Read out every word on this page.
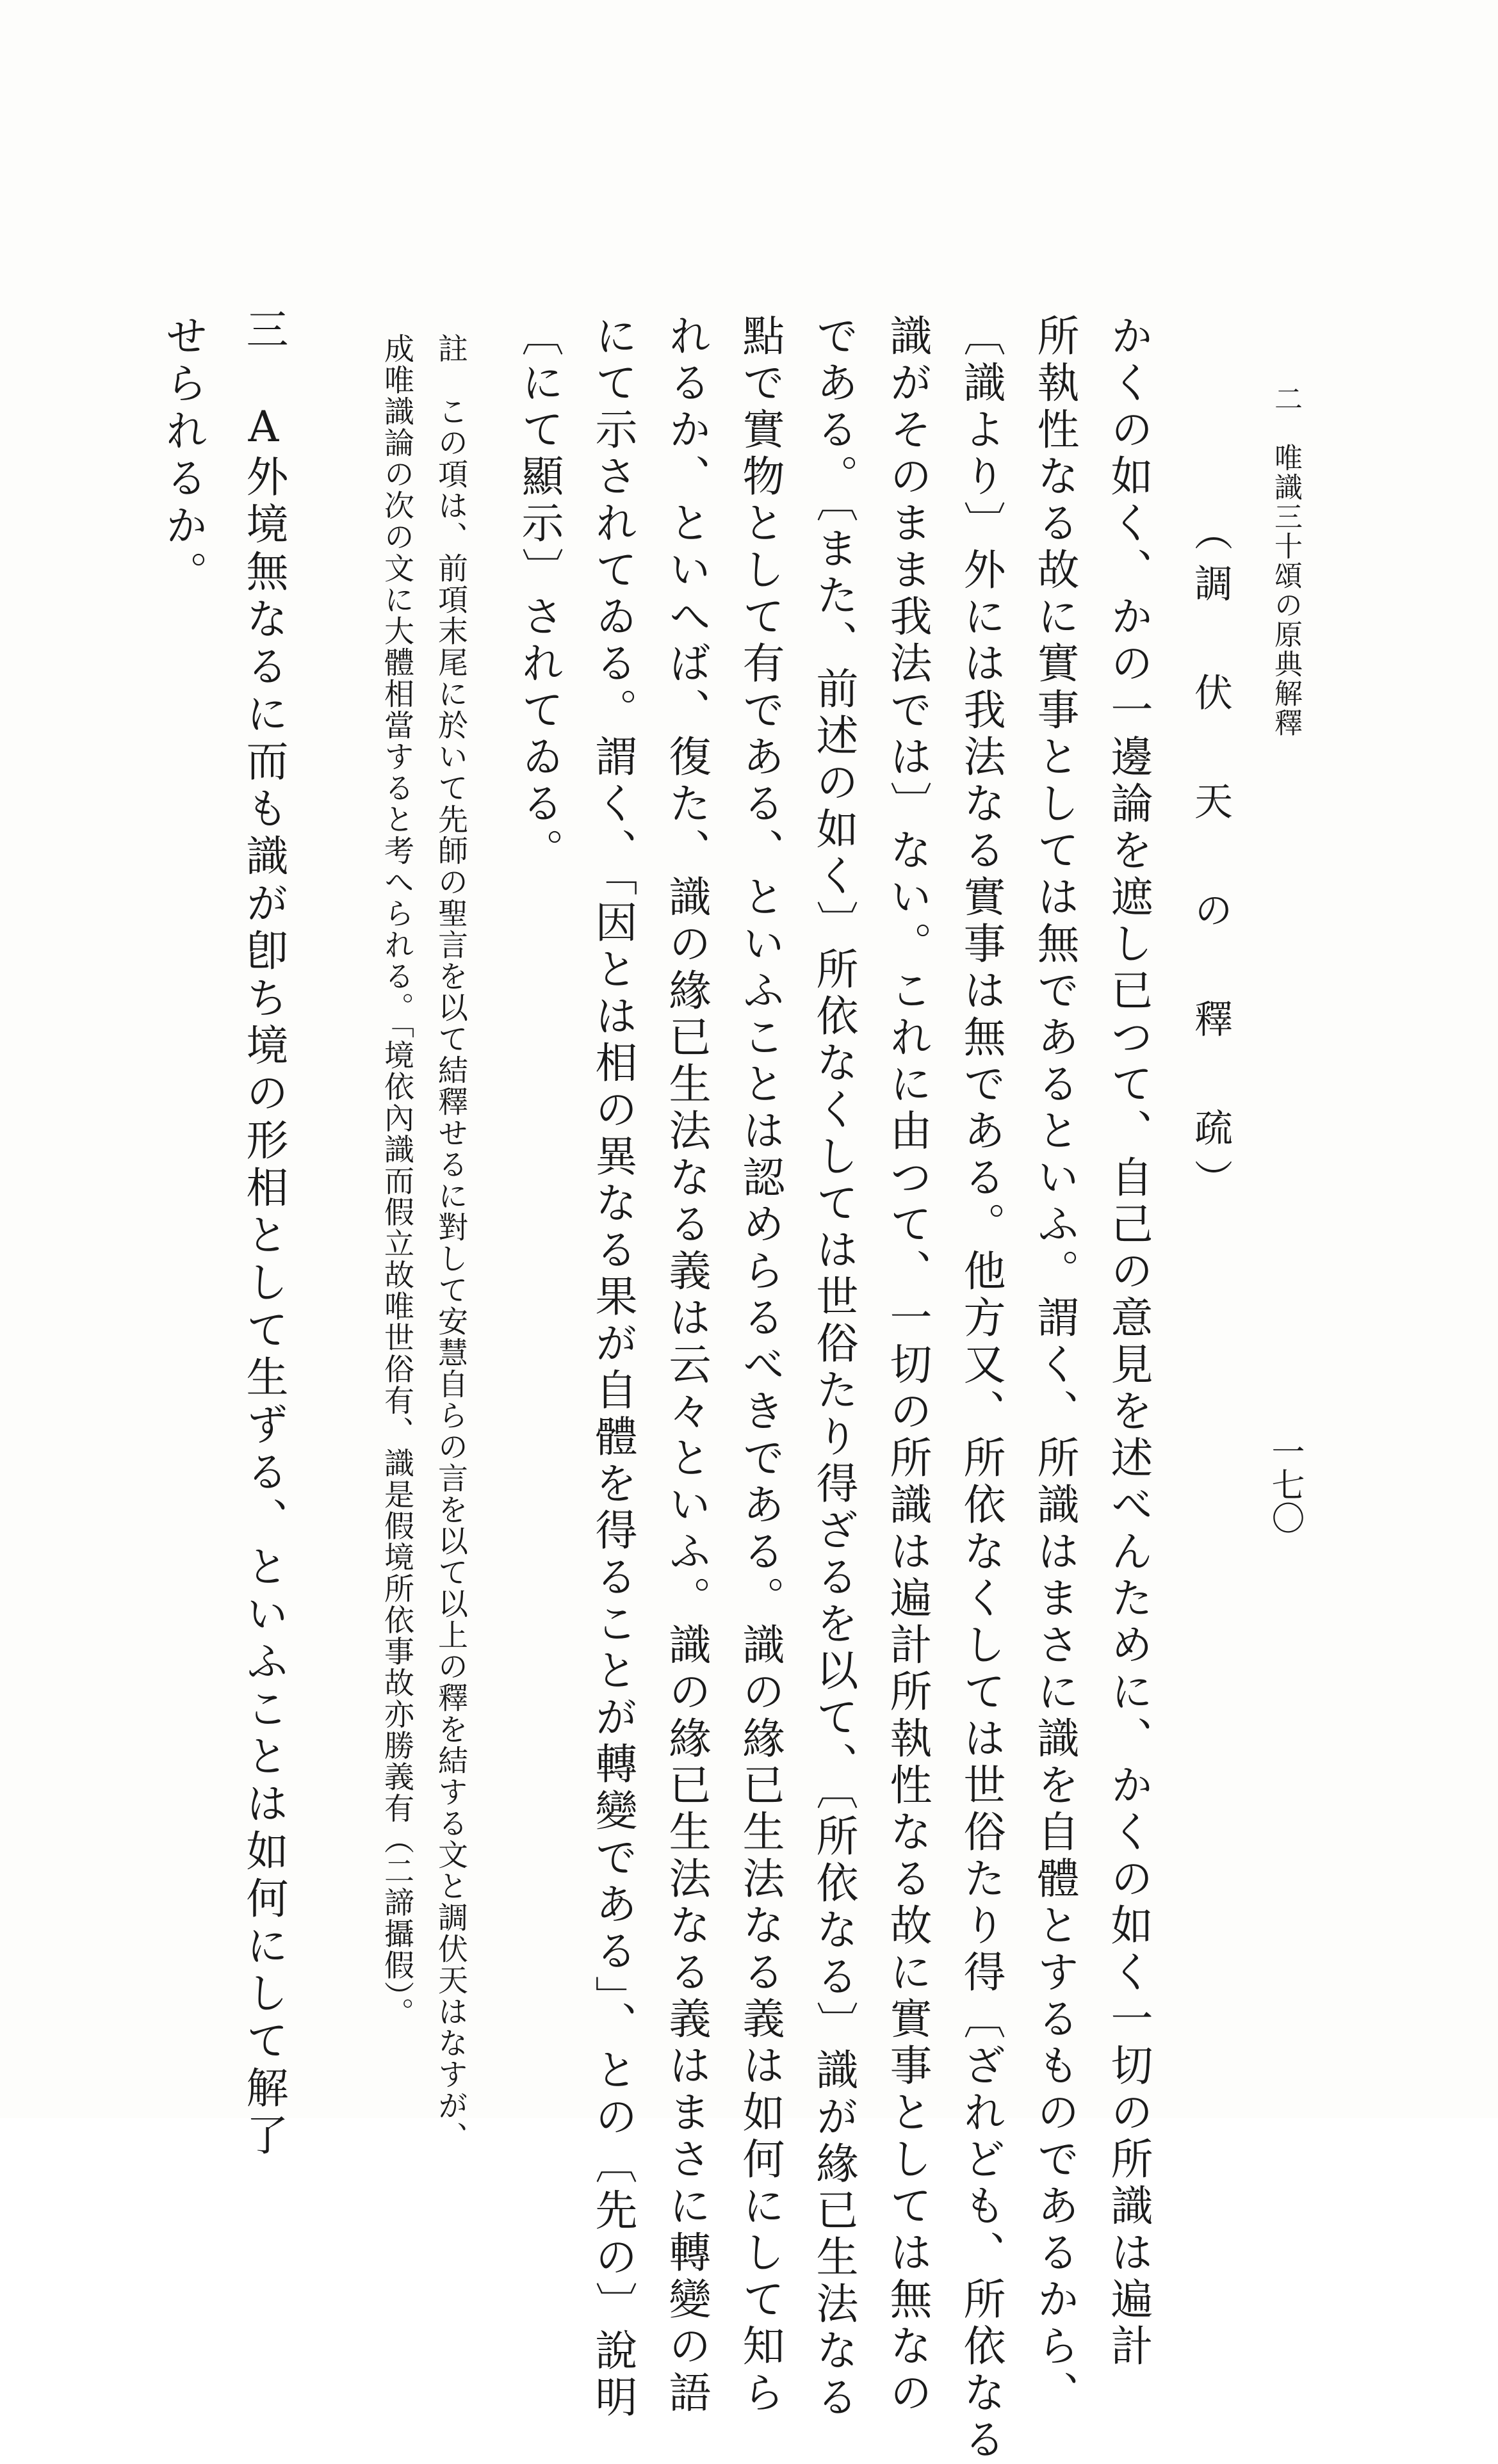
二　唯識三十頌の原典解釋
一七〇
（調 伏 天 の 釋 疏）
かくの如く、かの一邊論を遮し已つて、自己の意見を述べんために、かくの如く一切の所識は遍計
所執性なる故に實事としては無であるといふ。謂く、所識はまさに識を自體とするものであるから、
〔識より〕外には我法なる實事は無である。他方又、所依なくしては世俗たり得〔ざれども、所依なる
識がそのまま我法では〕ない。これに由つて、一切の所識は遍計所執性なる故に實事としては無なの
である。〔また、前述の如く〕所依なくしては世俗たり得ざるを以て、〔所依なる〕識が緣已生法なる
點で實物として有である、といふことは認めらるべきである。識の緣已生法なる義は如何にして知ら
れるか、といへば、復た、識の緣已生法なる義は云々といふ。識の緣已生法なる義はまさに轉變の語
にて示されてゐる。謂く、「因とは相の異なる果が自體を得ることが轉變である」、との〔先の〕說明
〔にて顯示〕されてゐる。
註　この項は、前項末尾に於いて先師の聖言を以て結釋せるに對して安慧自らの言を以て以上の釋を結する文と調伏天はなすが、
成唯識論の次の文に大體相當すると考へられる。「境依內識而假立故唯世俗有、識是假境所依事故亦勝義有（二諦攝假）。
三　A
外境無なるに而も識が卽ち境の形相として生ずる、といふことは如何にして解了
せられるか。
